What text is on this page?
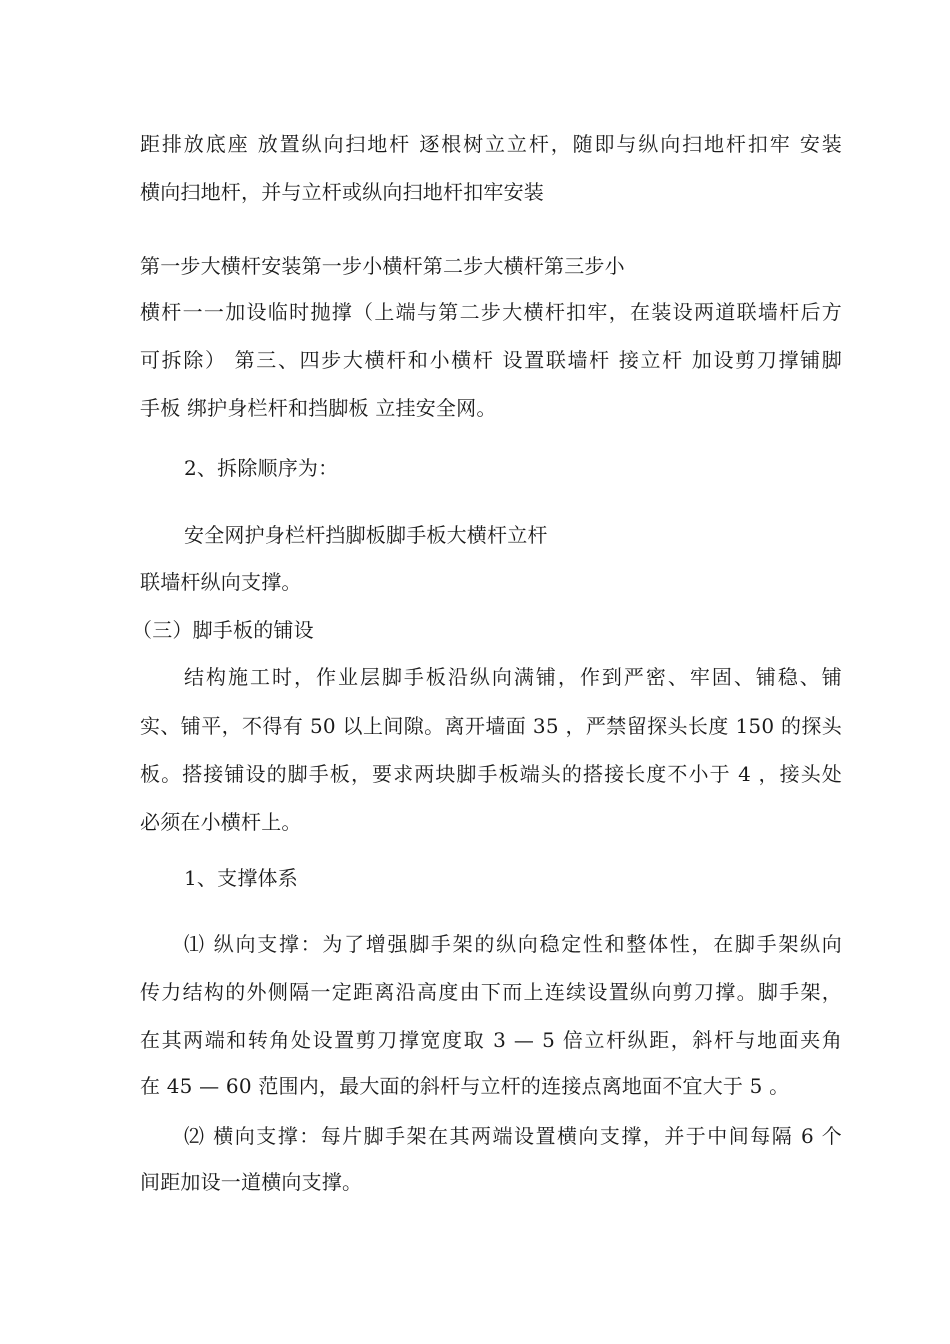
距排放底座 放置纵向扫地杆 逐根树立立杆，随即与纵向扫地杆扣牢 安装
横向扫地杆，并与立杆或纵向扫地杆扣牢安装
第一步大横杆安装第一步小横杆第二步大横杆第三步小
横杆一一加设临时抛撑（上端与第二步大横杆扣牢，在装设两道联墙杆后方
可拆除） 第三、四步大横杆和小横杆 设置联墙杆 接立杆 加设剪刀撑铺脚
手板 绑护身栏杆和挡脚板 立挂安全网。
2、拆除顺序为：
安全网护身栏杆挡脚板脚手板大横杆立杆
联墙杆纵向支撑。
（三）脚手板的铺设
结构施工时，作业层脚手板沿纵向满铺，作到严密、牢固、铺稳、铺
实、铺平，不得有 50 以上间隙。离开墙面 35 ，严禁留探头长度 150 的探头
板。搭接铺设的脚手板，要求两块脚手板端头的搭接长度不小于 4 ，接头处
必须在小横杆上。
1、支撑体系
⑴ 纵向支撑：为了增强脚手架的纵向稳定性和整体性，在脚手架纵向
传力结构的外侧隔一定距离沿高度由下而上连续设置纵向剪刀撑。脚手架，
在其两端和转角处设置剪刀撑宽度取 3 — 5 倍立杆纵距，斜杆与地面夹角
在 45 — 60 范围内，最大面的斜杆与立杆的连接点离地面不宜大于 5 。
⑵ 横向支撑：每片脚手架在其两端设置横向支撑，并于中间每隔 6 个
间距加设一道横向支撑。
